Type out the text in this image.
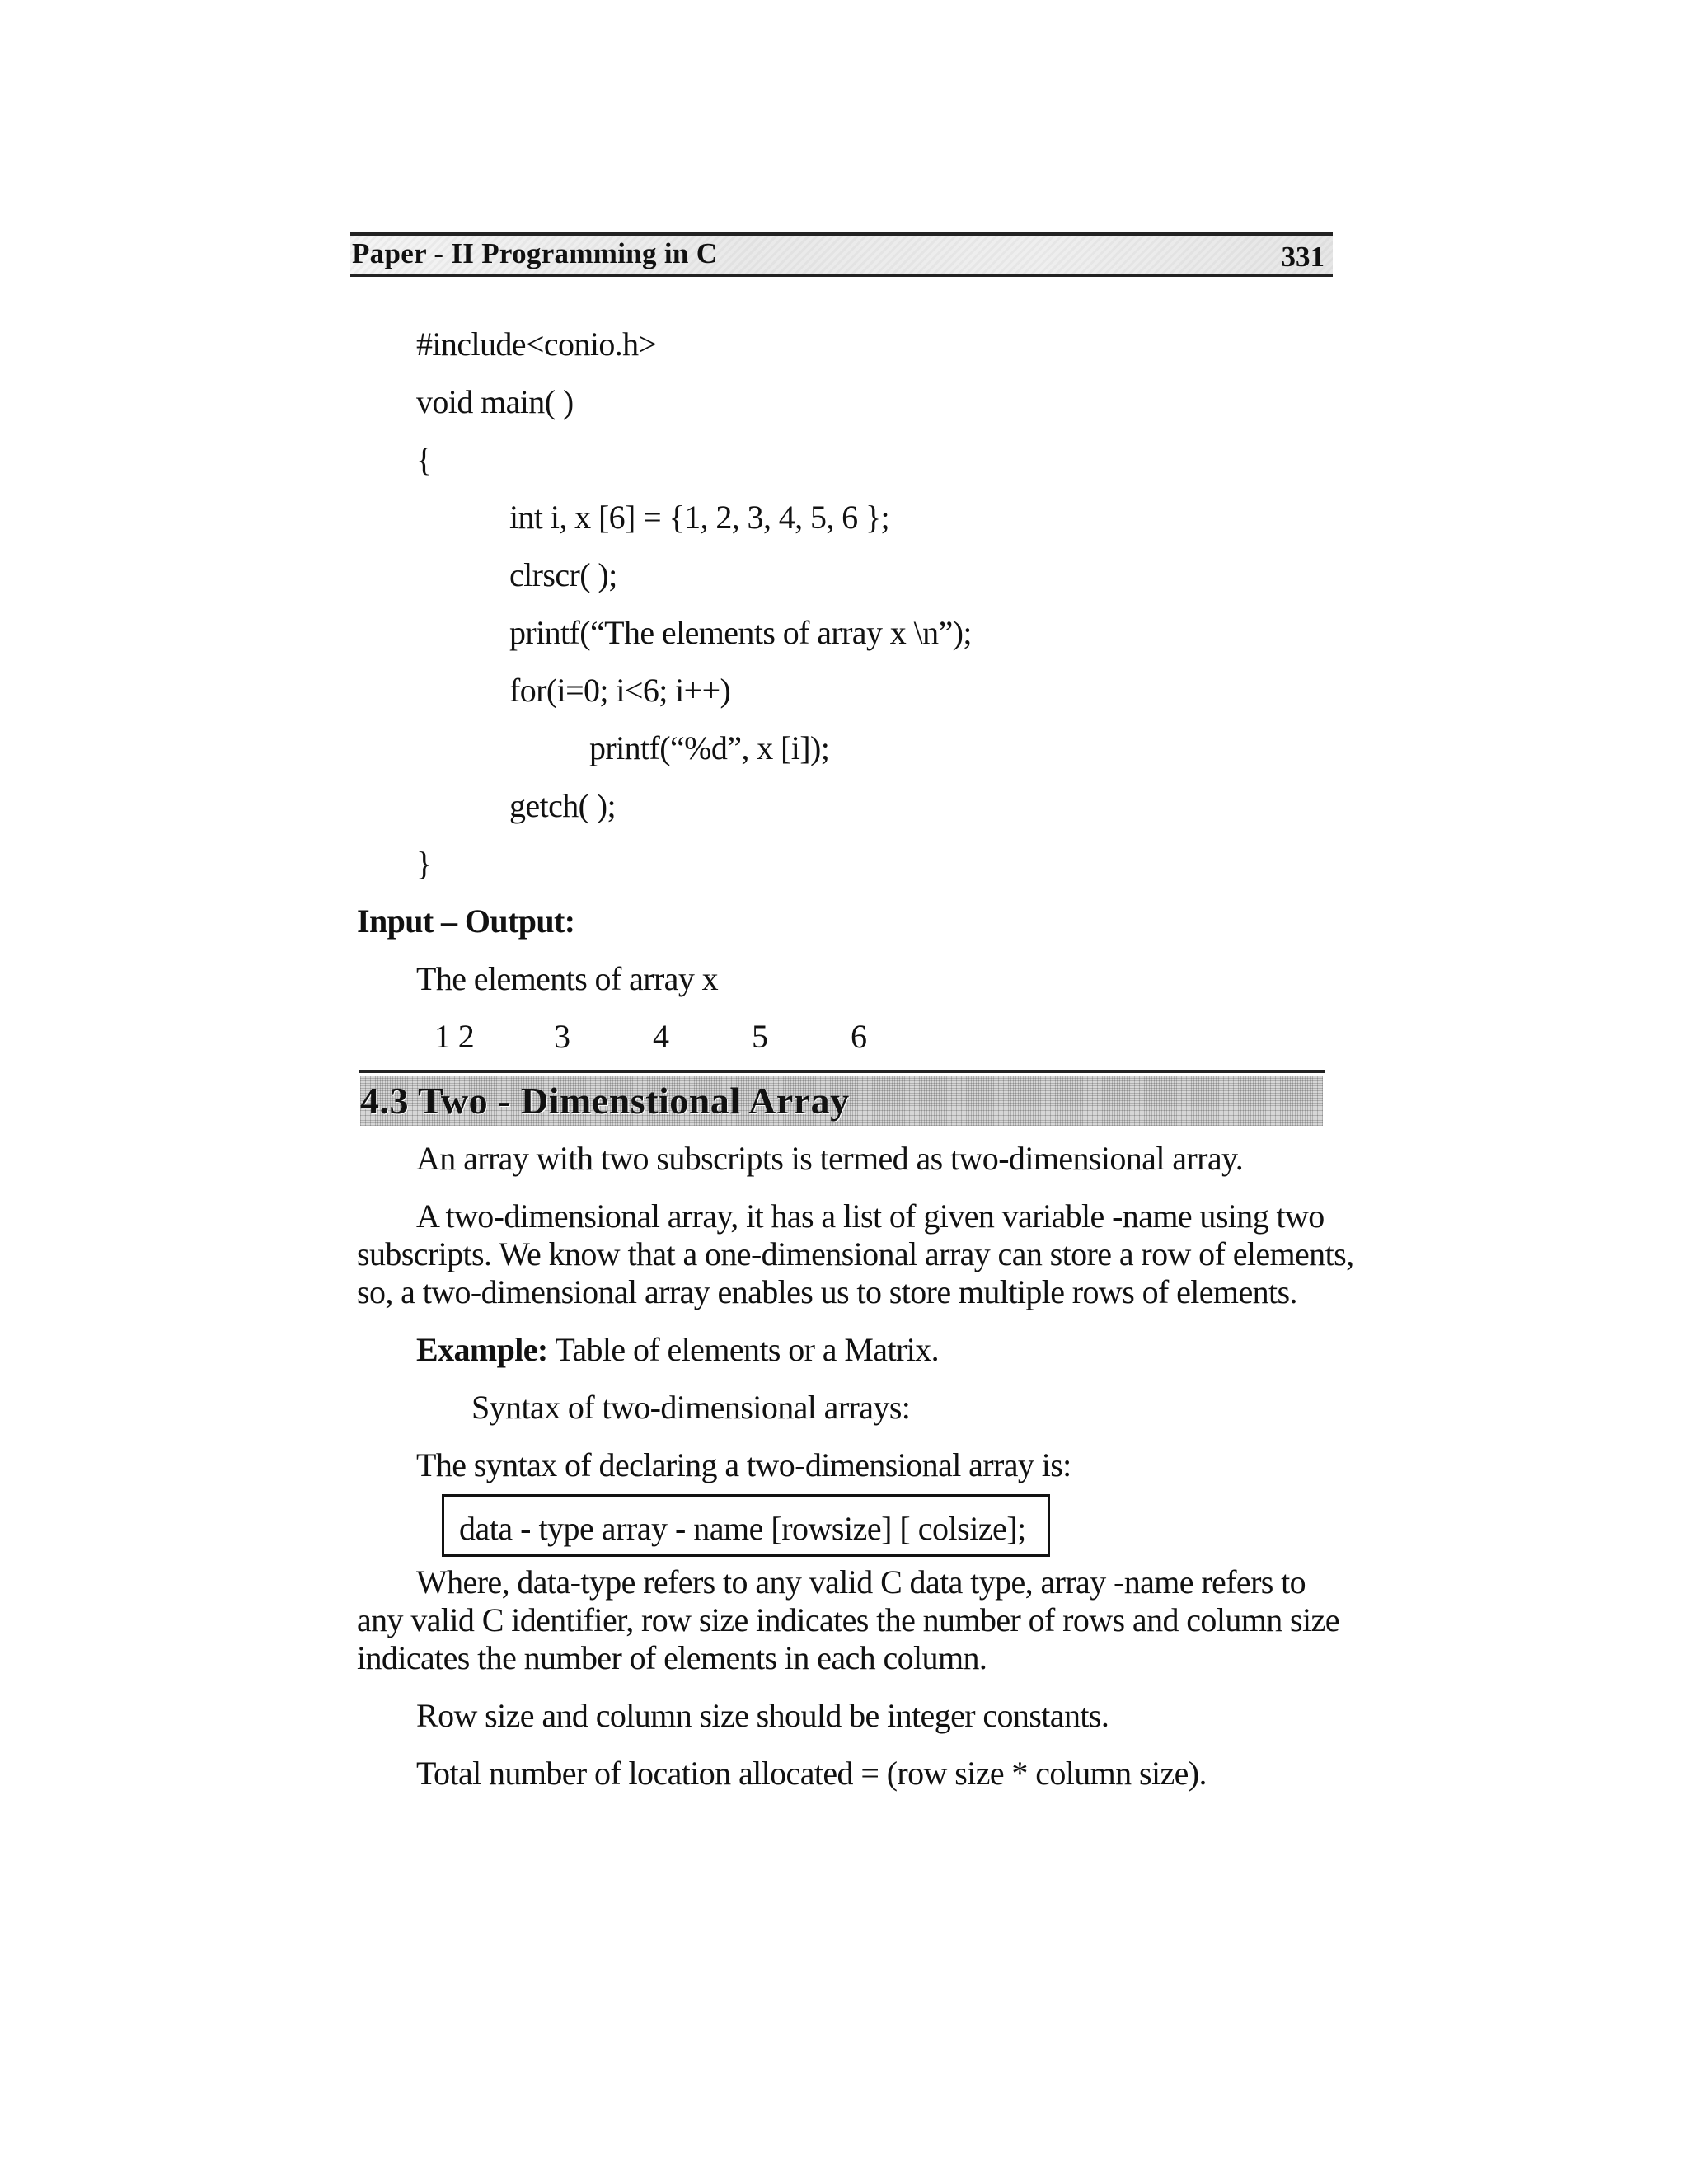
Paper - II Programming in C	331
#include<conio.h>
void main( )
{
int i, x [6] = {1, 2, 3, 4, 5, 6 };
clrscr( );
printf(“The elements of array x \n”);
for(i=0; i<6; i++)
printf(“%d”, x [i]);
getch( );
}
Input – Output:
The elements of array x
1 2 3	4	5	6
4.3 Two - Dimenstional Array
An array with two subscripts is termed as two-dimensional array.
A two-dimensional array, it has a list of given variable -name using two
subscripts. We know that a one-dimensional array can store a row of elements,
so, a two-dimensional array enables us to store multiple rows of elements.
Example: Table of elements or a Matrix.
Syntax of two-dimensional arrays:
The syntax of declaring a two-dimensional array is:
data - type array - name [rowsize] [ colsize];
Where, data-type refers to any valid C data type, array -name refers to
any valid C identifier, row size indicates the number of rows and column size
indicates the number of elements in each column.
Row size and column size should be integer constants.
Total number of location allocated = (row size * column size).
